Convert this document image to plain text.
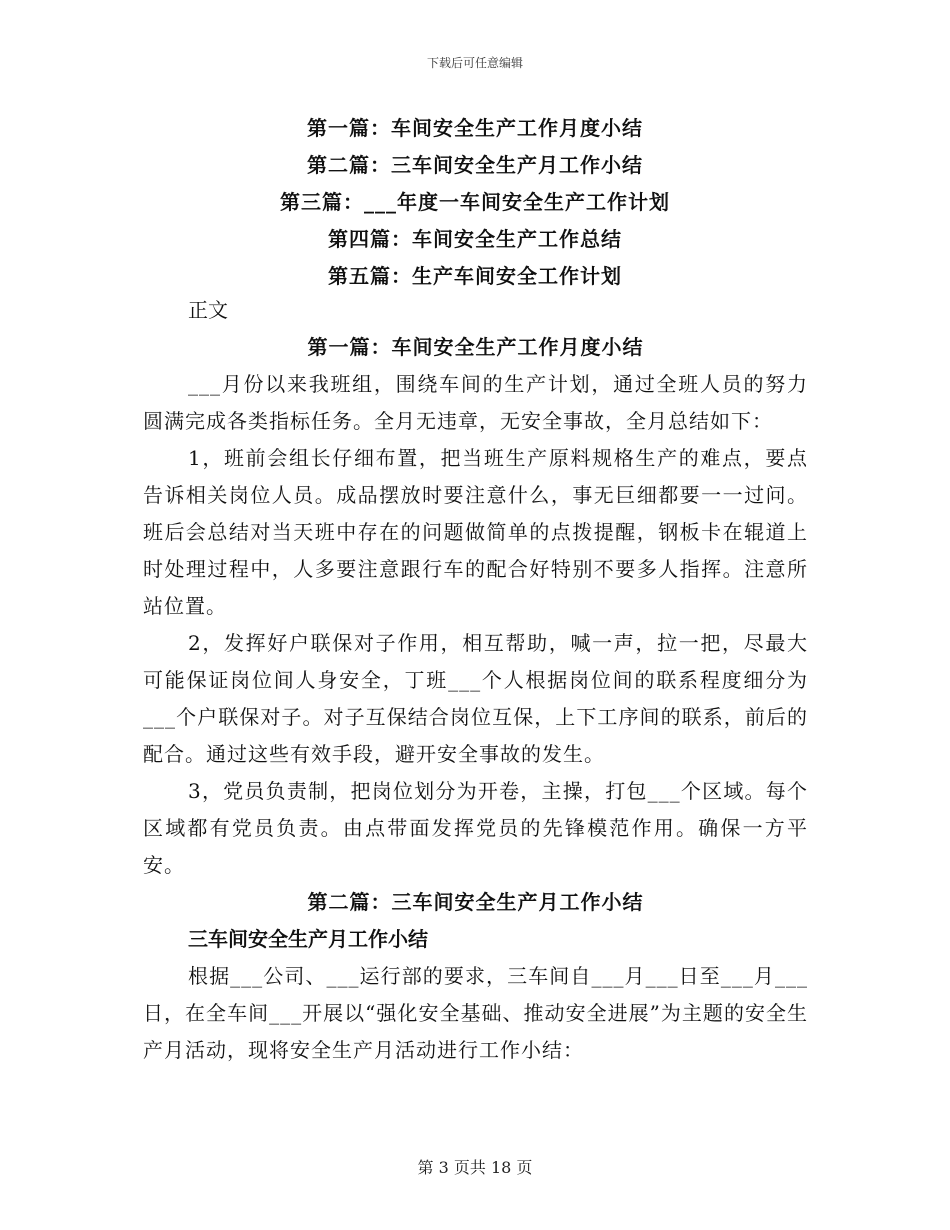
下载后可任意编辑
第一篇：车间安全生产工作月度小结
第二篇：三车间安全生产月工作小结
第三篇：___年度一车间安全生产工作计划
第四篇：车间安全生产工作总结
第五篇：生产车间安全工作计划

正文

第一篇：车间安全生产工作月度小结

___月份以来我班组，围绕车间的生产计划，通过全班人员的努力圆满完成各类指标任务。全月无违章，无安全事故，全月总结如下：

1，班前会组长仔细布置，把当班生产原料规格生产的难点，要点告诉相关岗位人员。成品摆放时要注意什么，事无巨细都要一一过问。班后会总结对当天班中存在的问题做简单的点拨提醒，钢板卡在辊道上时处理过程中，人多要注意跟行车的配合好特别不要多人指挥。注意所站位置。

2，发挥好户联保对子作用，相互帮助，喊一声，拉一把，尽最大可能保证岗位间人身安全，丁班___个人根据岗位间的联系程度细分为___个户联保对子。对子互保结合岗位互保，上下工序间的联系，前后的配合。通过这些有效手段，避开安全事故的发生。

3，党员负责制，把岗位划分为开卷，主操，打包___个区域。每个区域都有党员负责。由点带面发挥党员的先锋模范作用。确保一方平安。

第二篇：三车间安全生产月工作小结

三车间安全生产月工作小结

根据___公司、___运行部的要求，三车间自___月___日至___月___日，在全车间___开展以“强化安全基础、推动安全进展”为主题的安全生产月活动，现将安全生产月活动进行工作小结：

第 3 页共 18 页
